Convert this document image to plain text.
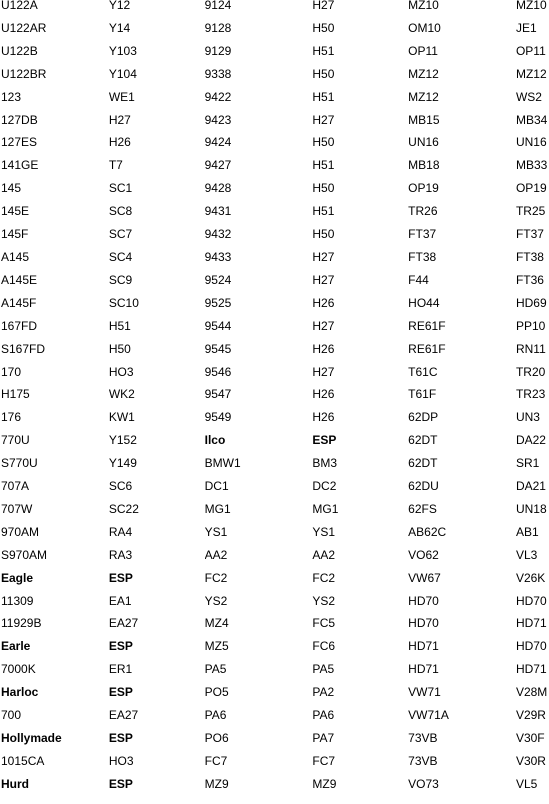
U122A	Y12	9124	H27	MZ10	MZ10
U122AR	Y14	9128	H50	OM10	JE1
U122B	Y103	9129	H51	OP11	OP11
U122BR	Y104	9338	H50	MZ12	MZ12
123	WE1	9422	H51	MZ12	WS2
127DB	H27	9423	H27	MB15	MB34
127ES	H26	9424	H50	UN16	UN16
141GE	T7	9427	H51	MB18	MB33
145	SC1	9428	H50	OP19	OP19
145E	SC8	9431	H51	TR26	TR25
145F	SC7	9432	H50	FT37	FT37
A145	SC4	9433	H27	FT38	FT38
A145E	SC9	9524	H27	F44	FT36
A145F	SC10	9525	H26	HO44	HD69
167FD	H51	9544	H27	RE61F	PP10
S167FD	H50	9545	H26	RE61F	RN11
170	HO3	9546	H27	T61C	TR20
H175	WK2	9547	H26	T61F	TR23
176	KW1	9549	H26	62DP	UN3
770U	Y152	Ilco	ESP	62DT	DA22
S770U	Y149	BMW1	BM3	62DT	SR1
707A	SC6	DC1	DC2	62DU	DA21
707W	SC22	MG1	MG1	62FS	UN18
970AM	RA4	YS1	YS1	AB62C	AB1
S970AM	RA3	AA2	AA2	VO62	VL3
Eagle	ESP	FC2	FC2	VW67	V26K
11309	EA1	YS2	YS2	HD70	HD70
11929B	EA27	MZ4	FC5	HD70	HD71
Earle	ESP	MZ5	FC6	HD71	HD70
7000K	ER1	PA5	PA5	HD71	HD71
Harloc	ESP	PO5	PA2	VW71	V28M
700	EA27	PA6	PA6	VW71A	V29R
Hollymade	ESP	PO6	PA7	73VB	V30F
1015CA	HO3	FC7	FC7	73VB	V30R
Hurd	ESP	MZ9	MZ9	VO73	VL5
